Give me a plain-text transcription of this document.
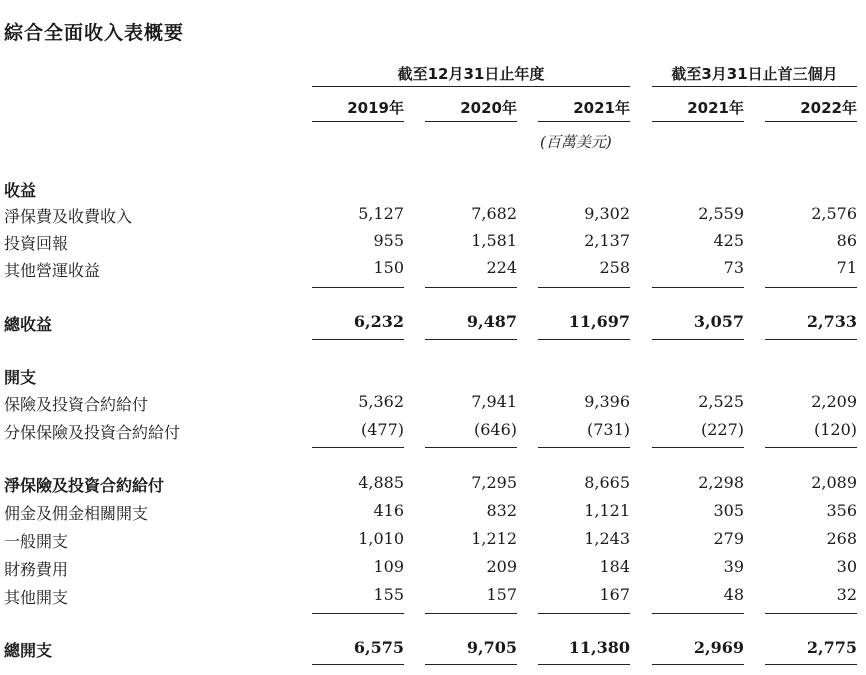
綜合全面收入表概要
截至12月31日止年度	截至3月31日止首三個月
2019年	2020年	2021年	2021年	2022年
(百萬美元)
收益
淨保費及收費收入	5,127	7,682	9,302	2,559	2,576
投資回報	955	1,581	2,137	425	86
其他營運收益	150	224	258	73	71
總收益	6,232	9,487	11,697	3,057	2,733
開支
保險及投資合約給付	5,362	7,941	9,396	2,525	2,209
分保保險及投資合約給付	(477)	(646)	(731)	(227)	(120)
淨保險及投資合約給付	4,885	7,295	8,665	2,298	2,089
佣金及佣金相關開支	416	832	1,121	305	356
一般開支	1,010	1,212	1,243	279	268
財務費用	109	209	184	39	30
其他開支	155	157	167	48	32
總開支	6,575	9,705	11,380	2,969	2,775
